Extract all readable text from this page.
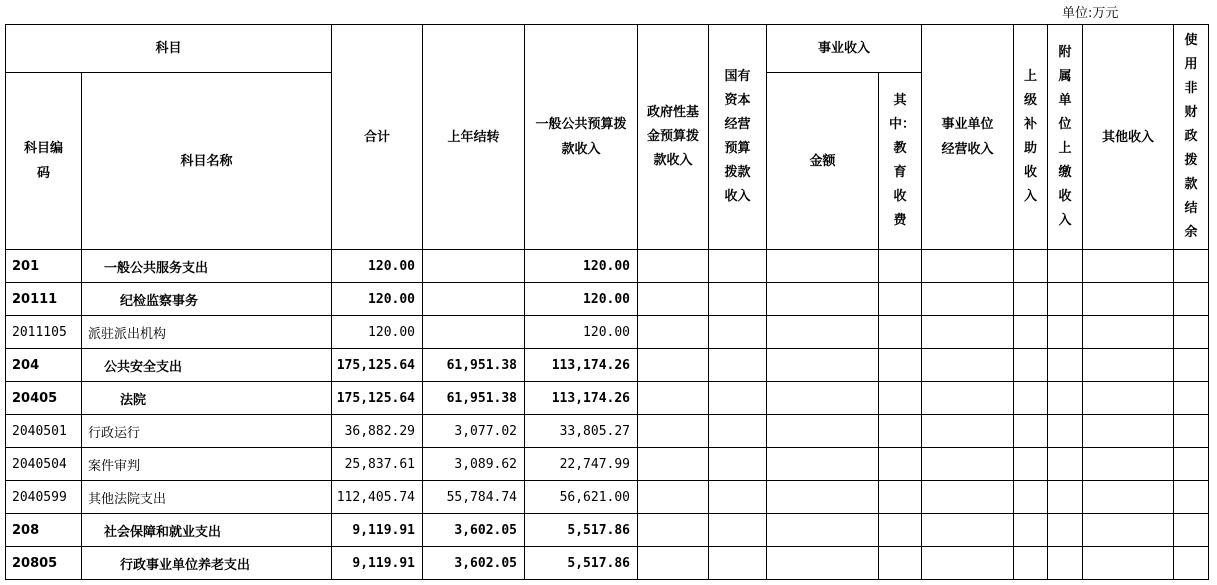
单位:万元
科目		合计	上年结转	一般公共预算拨款收入	政府性基金预算拨款收入	国有资本经营预算拨款收入	事业收入		事业单位经营收入	上级补助收入	附属单位上缴收入	其他收入	使用非财政拨款结余
科目编码	科目名称						金额	其中：教育收费					
201	一般公共服务支出	120.00		120.00									
20111	纪检监察事务	120.00		120.00									
2011105	派驻派出机构	120.00		120.00									
204	公共安全支出	175,125.64	61,951.38	113,174.26									
20405	法院	175,125.64	61,951.38	113,174.26									
2040501	行政运行	36,882.29	3,077.02	33,805.27									
2040504	案件审判	25,837.61	3,089.62	22,747.99									
2040599	其他法院支出	112,405.74	55,784.74	56,621.00									
208	社会保障和就业支出	9,119.91	3,602.05	5,517.86									
20805	行政事业单位养老支出	9,119.91	3,602.05	5,517.86									
